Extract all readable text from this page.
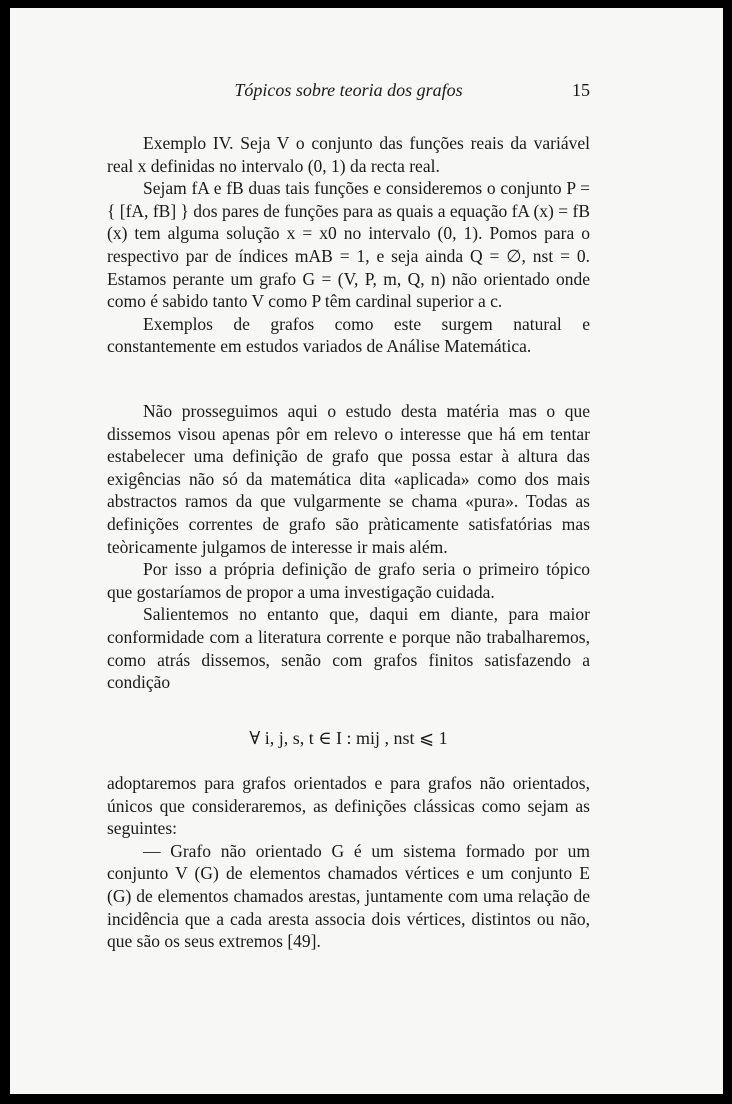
Tópicos sobre teoria dos grafos	15

Exemplo IV. Seja V o conjunto das funções reais da variável real x definidas no intervalo (0, 1) da recta real.

Sejam fA e fB duas tais funções e consideremos o conjunto P = { [fA, fB] } dos pares de funções para as quais a equação fA (x) = fB (x) tem alguma solução x = x0 no intervalo (0, 1). Pomos para o respectivo par de índices mAB = 1, e seja ainda Q = ∅, nst = 0. Estamos perante um grafo G = (V, P, m, Q, n) não orientado onde como é sabido tanto V como P têm cardinal superior a c.

Exemplos de grafos como este surgem natural e constantemente em estudos variados de Análise Matemática.

Não prosseguimos aqui o estudo desta matéria mas o que dissemos visou apenas pôr em relevo o interesse que há em tentar estabelecer uma definição de grafo que possa estar à altura das exigências não só da matemática dita «aplicada» como dos mais abstractos ramos da que vulgarmente se chama «pura». Todas as definições correntes de grafo são pràticamente satisfatórias mas teòricamente julgamos de interesse ir mais além.

Por isso a própria definição de grafo seria o primeiro tópico que gostaríamos de propor a uma investigação cuidada.

Salientemos no entanto que, daqui em diante, para maior conformidade com a literatura corrente e porque não trabalharemos, como atrás dissemos, senão com grafos finitos satisfazendo a condição

∀ i, j, s, t ∈ I : mij , nst ⩽ 1

adoptaremos para grafos orientados e para grafos não orientados, únicos que consideraremos, as definições clássicas como sejam as seguintes:

— Grafo não orientado G é um sistema formado por um conjunto V (G) de elementos chamados vértices e um conjunto E (G) de elementos chamados arestas, juntamente com uma relação de incidência que a cada aresta associa dois vértices, distintos ou não, que são os seus extremos [49].
